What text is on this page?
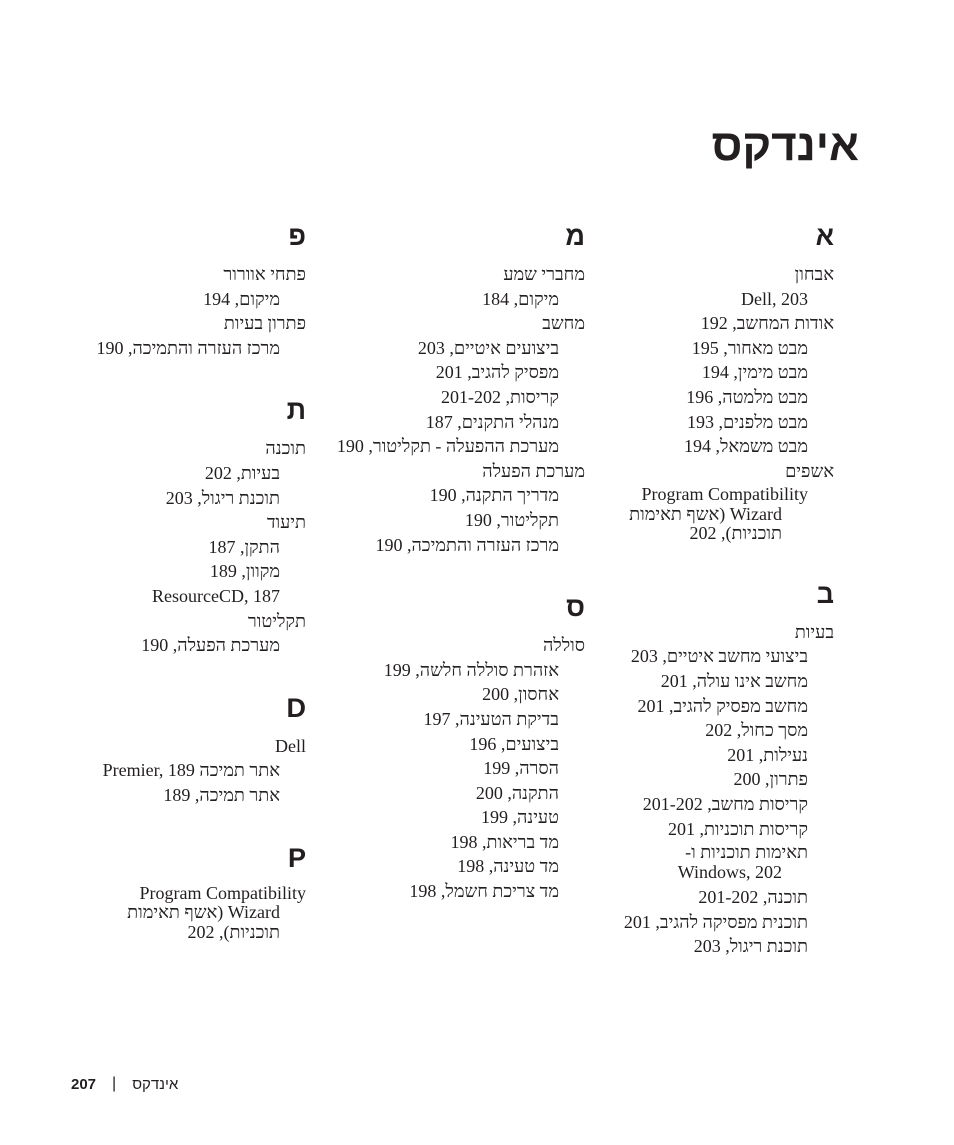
אינדקס
א
אבחון
Dell, 203
אודות המחשב, 192
מבט מאחור, 195
מבט מימין, 194
מבט מלמטה, 196
מבט מלפנים, 193
מבט משמאל, 194
אשפים
Program Compatibility
Wizard (אשף תאימות
תוכניות), 202
ב
בעיות
ביצועי מחשב איטיים, 203
מחשב אינו עולה, 201
מחשב מפסיק להגיב, 201
מסך כחול, 202
נעילות, 201
פתרון, 200
קריסות מחשב, 201-202
קריסות תוכניות, 201
תאימות תוכניות ו-
Windows, 202
תוכנה, 201-202
תוכנית מפסיקה להגיב, 201
תוכנת ריגול, 203
מ
מחברי שמע
מיקום, 184
מחשב
ביצועים איטיים, 203
מפסיק להגיב, 201
קריסות, 201-202
מנהלי התקנים, 187
מערכת ההפעלה - תקליטור, 190
מערכת הפעלה
מדריך התקנה, 190
תקליטור, 190
מרכז העזרה והתמיכה, 190
ס
סוללה
אזהרת סוללה חלשה, 199
אחסון, 200
בדיקת הטעינה, 197
ביצועים, 196
הסרה, 199
התקנה, 200
טעינה, 199
מד בריאות, 198
מד טעינה, 198
מד צריכת חשמל, 198
פ
פתחי אוורור
מיקום, 194
פתרון בעיות
מרכז העזרה והתמיכה, 190
ת
תוכנה
בעיות, 202
תוכנת ריגול, 203
תיעוד
התקן, 187
מקוון, 189
ResourceCD, 187
תקליטור
מערכת הפעלה, 190
D
Dell
אתר תמיכה Premier, 189
אתר תמיכה, 189
P
Program Compatibility
Wizard (אשף תאימות
תוכניות), 202
207 | אינדקס
